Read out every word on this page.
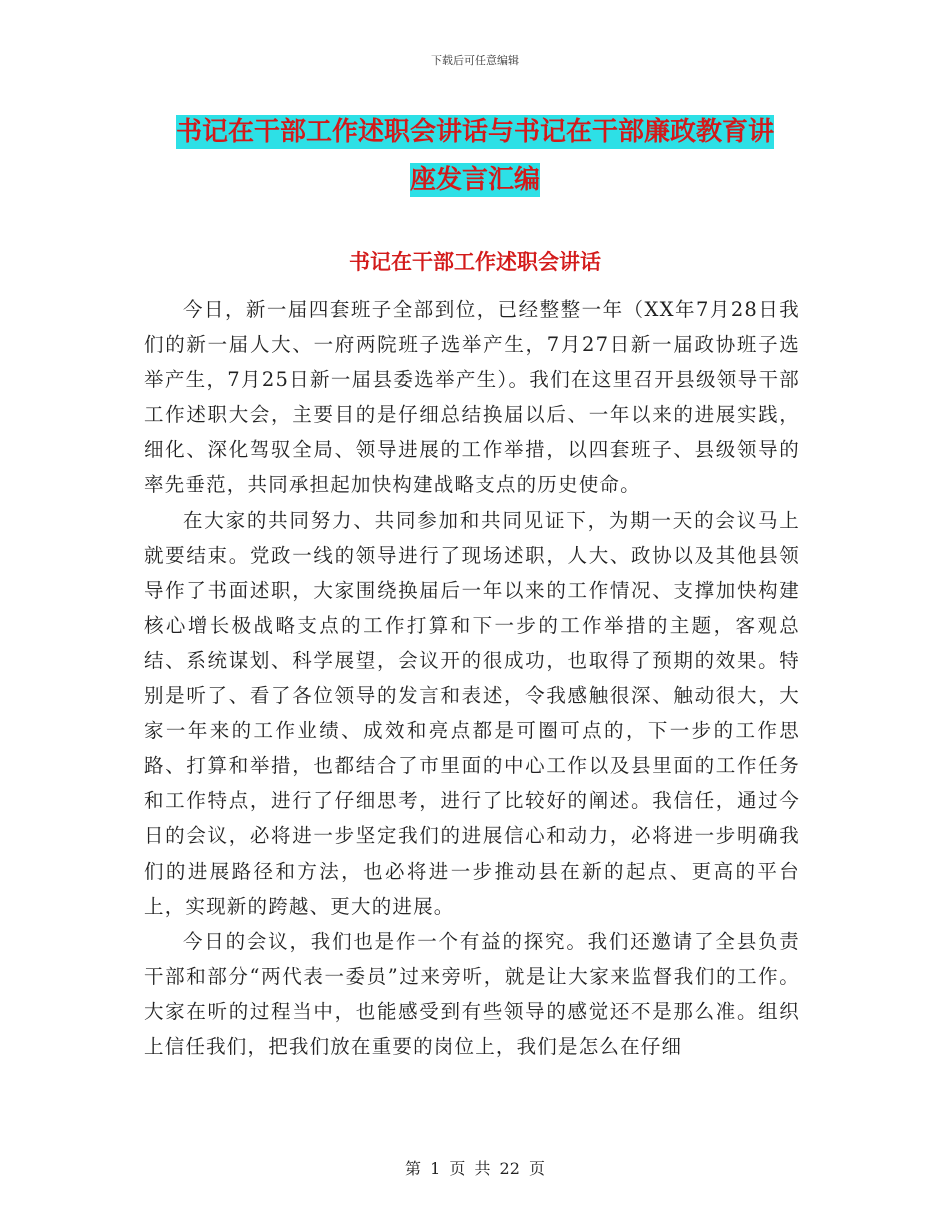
下载后可任意编辑
书记在干部工作述职会讲话与书记在干部廉政教育讲
座发言汇编
书记在干部工作述职会讲话

今日，新一届四套班子全部到位，已经整整一年（XX年7月28日我们的新一届人大、一府两院班子选举产生，7月27日新一届政协班子选举产生，7月25日新一届县委选举产生）。我们在这里召开县级领导干部工作述职大会，主要目的是仔细总结换届以后、一年以来的进展实践，细化、深化驾驭全局、领导进展的工作举措，以四套班子、县级领导的率先垂范，共同承担起加快构建战略支点的历史使命。

在大家的共同努力、共同参加和共同见证下，为期一天的会议马上就要结束。党政一线的领导进行了现场述职，人大、政协以及其他县领导作了书面述职，大家围绕换届后一年以来的工作情况、支撑加快构建核心增长极战略支点的工作打算和下一步的工作举措的主题，客观总结、系统谋划、科学展望，会议开的很成功，也取得了预期的效果。特别是听了、看了各位领导的发言和表述，令我感触很深、触动很大，大家一年来的工作业绩、成效和亮点都是可圈可点的，下一步的工作思路、打算和举措，也都结合了市里面的中心工作以及县里面的工作任务和工作特点，进行了仔细思考，进行了比较好的阐述。我信任，通过今日的会议，必将进一步坚定我们的进展信心和动力，必将进一步明确我们的进展路径和方法，也必将进一步推动县在新的起点、更高的平台上，实现新的跨越、更大的进展。

今日的会议，我们也是作一个有益的探究。我们还邀请了全县负责干部和部分“两代表一委员”过来旁听，就是让大家来监督我们的工作。大家在听的过程当中，也能感受到有些领导的感觉还不是那么准。组织上信任我们，把我们放在重要的岗位上，我们是怎么在仔细

第 1 页 共 22 页
